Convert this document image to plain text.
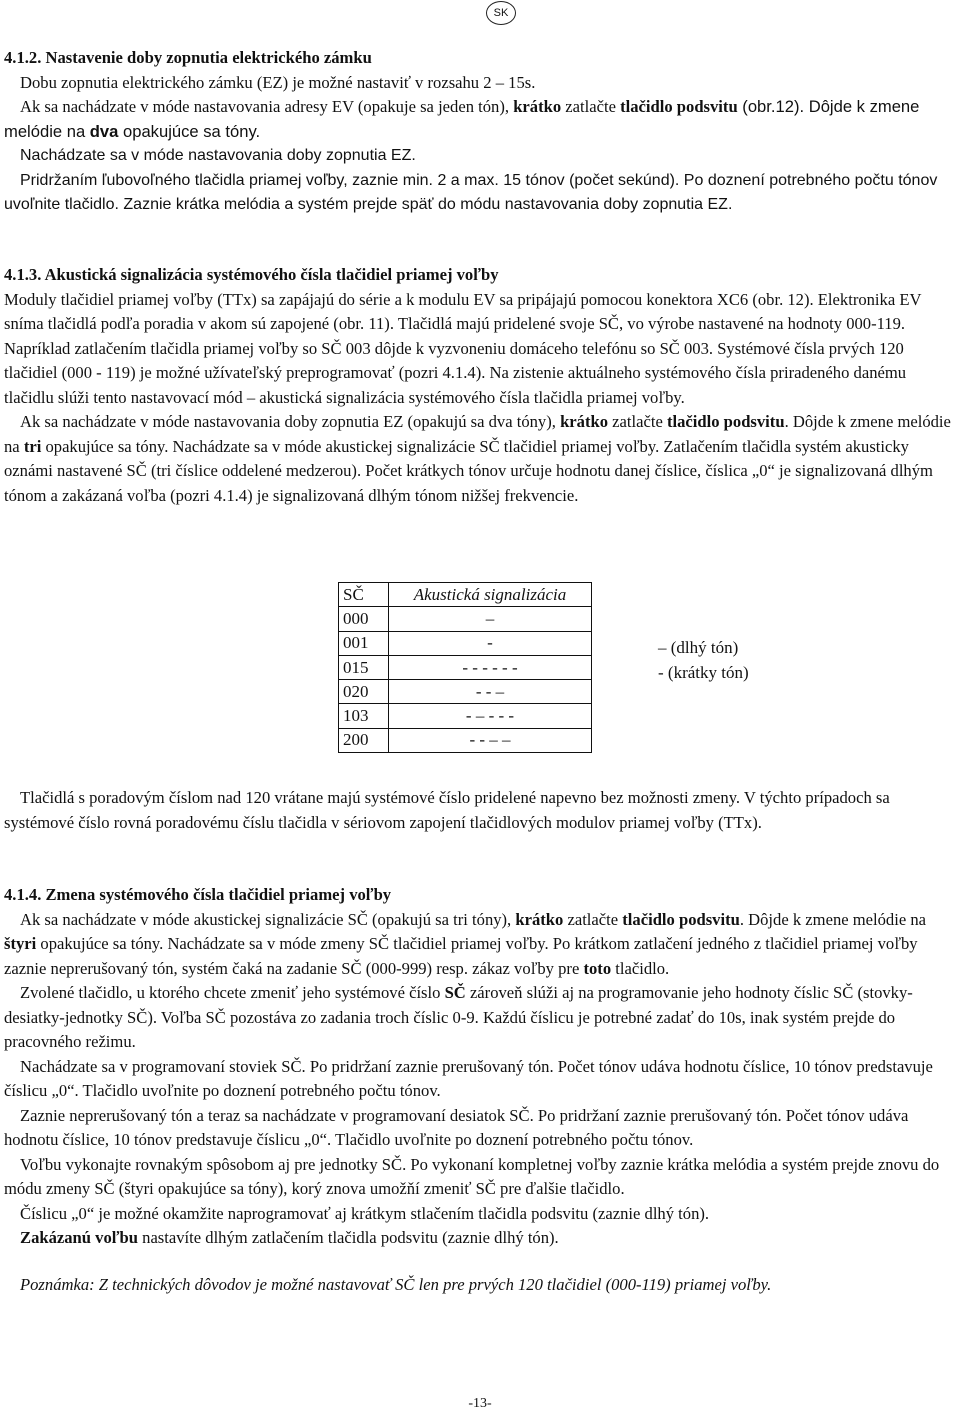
SK

4.1.2. Nastavenie doby zopnutia elektrického zámku

Dobu zopnutia elektrického zámku (EZ) je možné nastaviť v rozsahu 2 – 15s.

Ak sa nachádzate v móde nastavovania adresy EV (opakuje sa jeden tón), krátko zatlačte tlačidlo podsvitu (obr.12). Dôjde k zmene melódie na dva opakujúce sa tóny.

Nachádzate sa v móde nastavovania doby zopnutia EZ.

Pridržaním ľubovoľného tlačidla priamej voľby, zaznie min. 2 a max. 15 tónov (počet sekúnd). Po doznení potrebného počtu tónov uvoľnite tlačidlo. Zaznie krátka melódia a systém prejde späť do módu nastavovania doby zopnutia EZ.

4.1.3. Akustická signalizácia systémového čísla tlačidiel priamej voľby

Moduly tlačidiel priamej voľby (TTx) sa zapájajú do série a k modulu EV sa pripájajú pomocou konektora XC6 (obr. 12). Elektronika EV sníma tlačidlá podľa poradia v akom sú zapojené (obr. 11). Tlačidlá majú pridelené svoje SČ, vo výrobe nastavené na hodnoty 000-119. Napríklad zatlačením tlačidla priamej voľby so SČ 003 dôjde k vyzvoneniu domáceho telefónu so SČ 003. Systémové čísla prvých 120 tlačidiel (000 - 119) je možné užívateľský preprogramovať (pozri 4.1.4). Na zistenie aktuálneho systémového čísla priradeného danému tlačidlu slúži tento nastavovací mód – akustická signalizácia systémového čísla tlačidla priamej voľby.

Ak sa nachádzate v móde nastavovania doby zopnutia EZ (opakujú sa dva tóny), krátko zatlačte tlačidlo podsvitu. Dôjde k zmene melódie na tri opakujúce sa tóny. Nachádzate sa v móde akustickej signalizácie SČ tlačidiel priamej voľby. Zatlačením tlačidla systém akusticky oznámi nastavené SČ (tri číslice oddelené medzerou). Počet krátkych tónov určuje hodnotu danej číslice, číslica „0“ je signalizovaná dlhým tónom a zakázaná voľba (pozri 4.1.4) je signalizovaná dlhým tónom nižšej frekvencie.

SČ	Akustická signalizácia
000	–
001	-
015	- - - - - -
020	- - –
103	- – - - -
200	- - – –
– (dlhý tón)
- (krátky tón)

Tlačidlá s poradovým číslom nad 120 vrátane majú systémové číslo pridelené napevno bez možnosti zmeny. V týchto prípadoch sa systémové číslo rovná poradovému číslu tlačidla v sériovom zapojení tlačidlových modulov priamej voľby (TTx).

4.1.4. Zmena systémového čísla tlačidiel priamej voľby

Ak sa nachádzate v móde akustickej signalizácie SČ (opakujú sa tri tóny), krátko zatlačte tlačidlo podsvitu. Dôjde k zmene melódie na štyri opakujúce sa tóny. Nachádzate sa v móde zmeny SČ tlačidiel priamej voľby. Po krátkom zatlačení jedného z tlačidiel priamej voľby zaznie neprerušovaný tón, systém čaká na zadanie SČ (000-999) resp. zákaz voľby pre toto tlačidlo.

Zvolené tlačidlo, u ktorého chcete zmeniť jeho systémové číslo SČ zároveň slúži aj na programovanie jeho hodnoty číslic SČ (stovky-desiatky-jednotky SČ). Voľba SČ pozostáva zo zadania troch číslic 0-9. Každú číslicu je potrebné zadať do 10s, inak systém prejde do pracovného režimu.

Nachádzate sa v programovaní stoviek SČ. Po pridržaní zaznie prerušovaný tón. Počet tónov udáva hodnotu číslice, 10 tónov predstavuje číslicu „0“. Tlačidlo uvoľnite po doznení potrebného počtu tónov.

Zaznie neprerušovaný tón a teraz sa nachádzate v programovaní desiatok SČ. Po pridržaní zaznie prerušovaný tón. Počet tónov udáva hodnotu číslice, 10 tónov predstavuje číslicu „0“. Tlačidlo uvoľnite po doznení potrebného počtu tónov.

Voľbu vykonajte rovnakým spôsobom aj pre jednotky SČ. Po vykonaní kompletnej voľby zaznie krátka melódia a systém prejde znovu do módu zmeny SČ (štyri opakujúce sa tóny), korý znova umožňí zmeniť SČ pre ďalšie tlačidlo.

Číslicu „0“ je možné okamžite naprogramovať aj krátkym stlačením tlačidla podsvitu (zaznie dlhý tón).

Zakázanú voľbu nastavíte dlhým zatlačením tlačidla podsvitu (zaznie dlhý tón).

Poznámka: Z technických dôvodov je možné nastavovať SČ len pre prvých 120 tlačidiel (000-119) priamej voľby.

-13-
